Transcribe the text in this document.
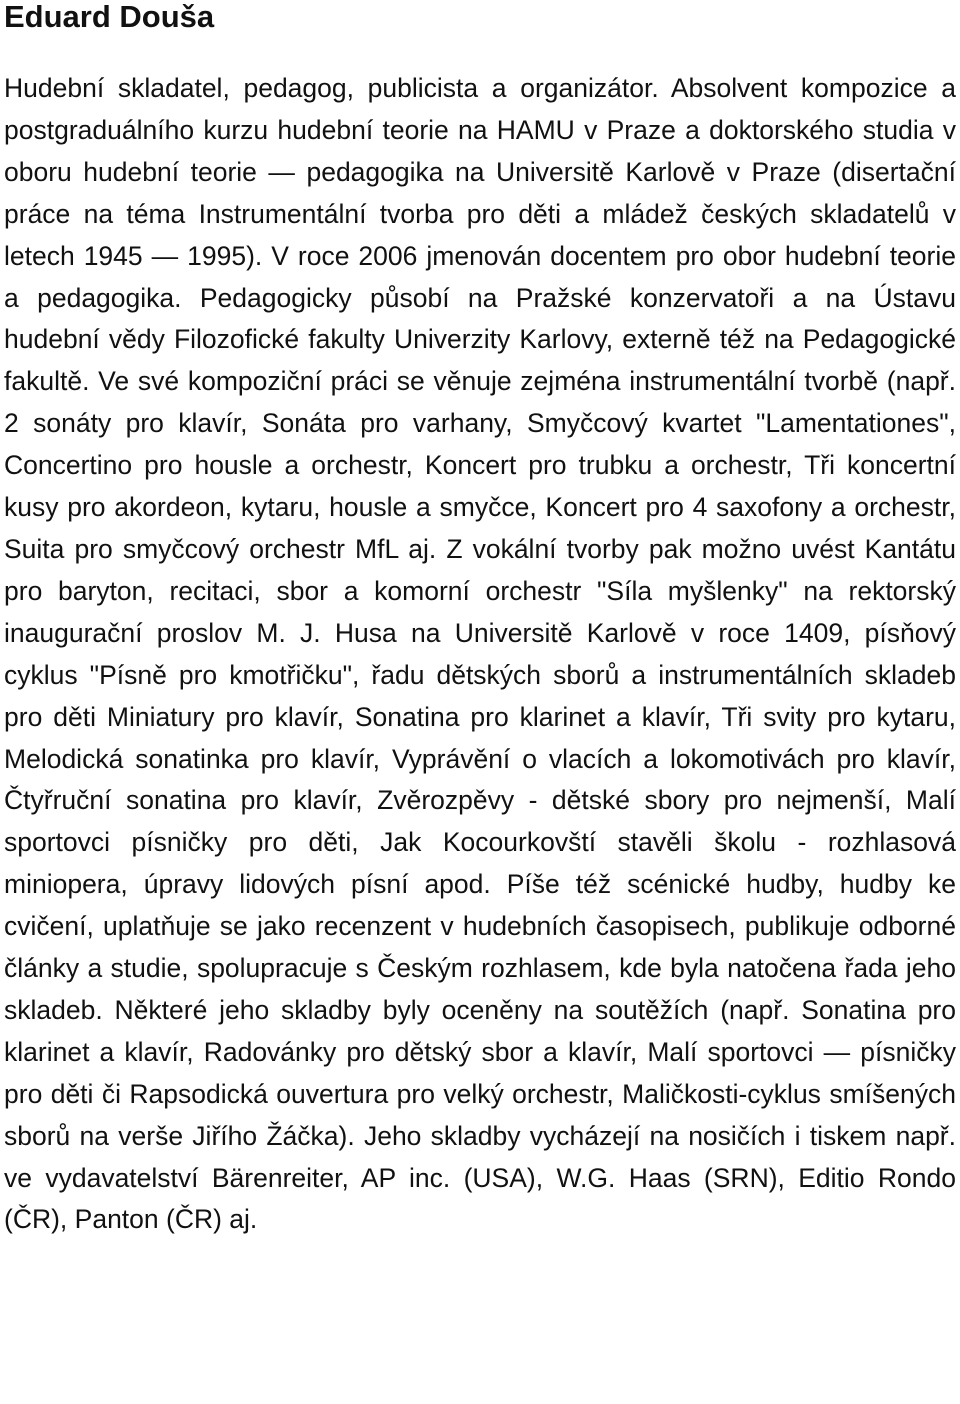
Eduard Douša

Hudební skladatel, pedagog, publicista a organizátor. Absolvent kompozice a postgraduálního kurzu hudební teorie na HAMU v Praze a doktorského studia v oboru hudební teorie — pedagogika na Universitě Karlově v Praze (disertační práce na téma Instrumentální tvorba pro děti a mládež českých skladatelů v letech 1945 — 1995). V roce 2006 jmenován docentem pro obor hudební teorie a pedagogika. Pedagogicky působí na Pražské konzervatoři a na Ústavu hudební vědy Filozofické fakulty Univerzity Karlovy, externě též na Pedagogické fakultě. Ve své kompoziční práci se věnuje zejména instrumentální tvorbě (např. 2 sonáty pro klavír, Sonáta pro varhany, Smyčcový kvartet "Lamentationes", Concertino pro housle a orchestr, Koncert pro trubku a orchestr, Tři koncertní kusy pro akordeon, kytaru, housle a smyčce, Koncert pro 4 saxofony a orchestr, Suita pro smyčcový orchestr MfL aj. Z vokální tvorby pak možno uvést Kantátu pro baryton, recitaci, sbor a komorní orchestr "Síla myšlenky" na rektorský inaugurační proslov M. J. Husa na Universitě Karlově v roce 1409, písňový cyklus "Písně pro kmotřičku", řadu dětských sborů a instrumentálních skladeb pro děti Miniatury pro klavír, Sonatina pro klarinet a klavír, Tři svity pro kytaru, Melodická sonatinka pro klavír, Vyprávění o vlacích a lokomotivách pro klavír, Čtyřruční sonatina pro klavír, Zvěrozpěvy - dětské sbory pro nejmenší, Malí sportovci písničky pro děti, Jak Kocourkovští stavěli školu - rozhlasová miniopera, úpravy lidových písní apod. Píše též scénické hudby, hudby ke cvičení, uplatňuje se jako recenzent v hudebních časopisech, publikuje odborné články a studie, spolupracuje s Českým rozhlasem, kde byla natočena řada jeho skladeb. Některé jeho skladby byly oceněny na soutěžích (např. Sonatina pro klarinet a klavír, Radovánky pro dětský sbor a klavír, Malí sportovci — písničky pro děti či Rapsodická ouvertura pro velký orchestr, Maličkosti-cyklus smíšených sborů na verše Jiřího Žáčka). Jeho skladby vycházejí na nosičích i tiskem např. ve vydavatelství Bärenreiter, AP inc. (USA), W.G. Haas (SRN), Editio Rondo (ČR), Panton (ČR) aj.
